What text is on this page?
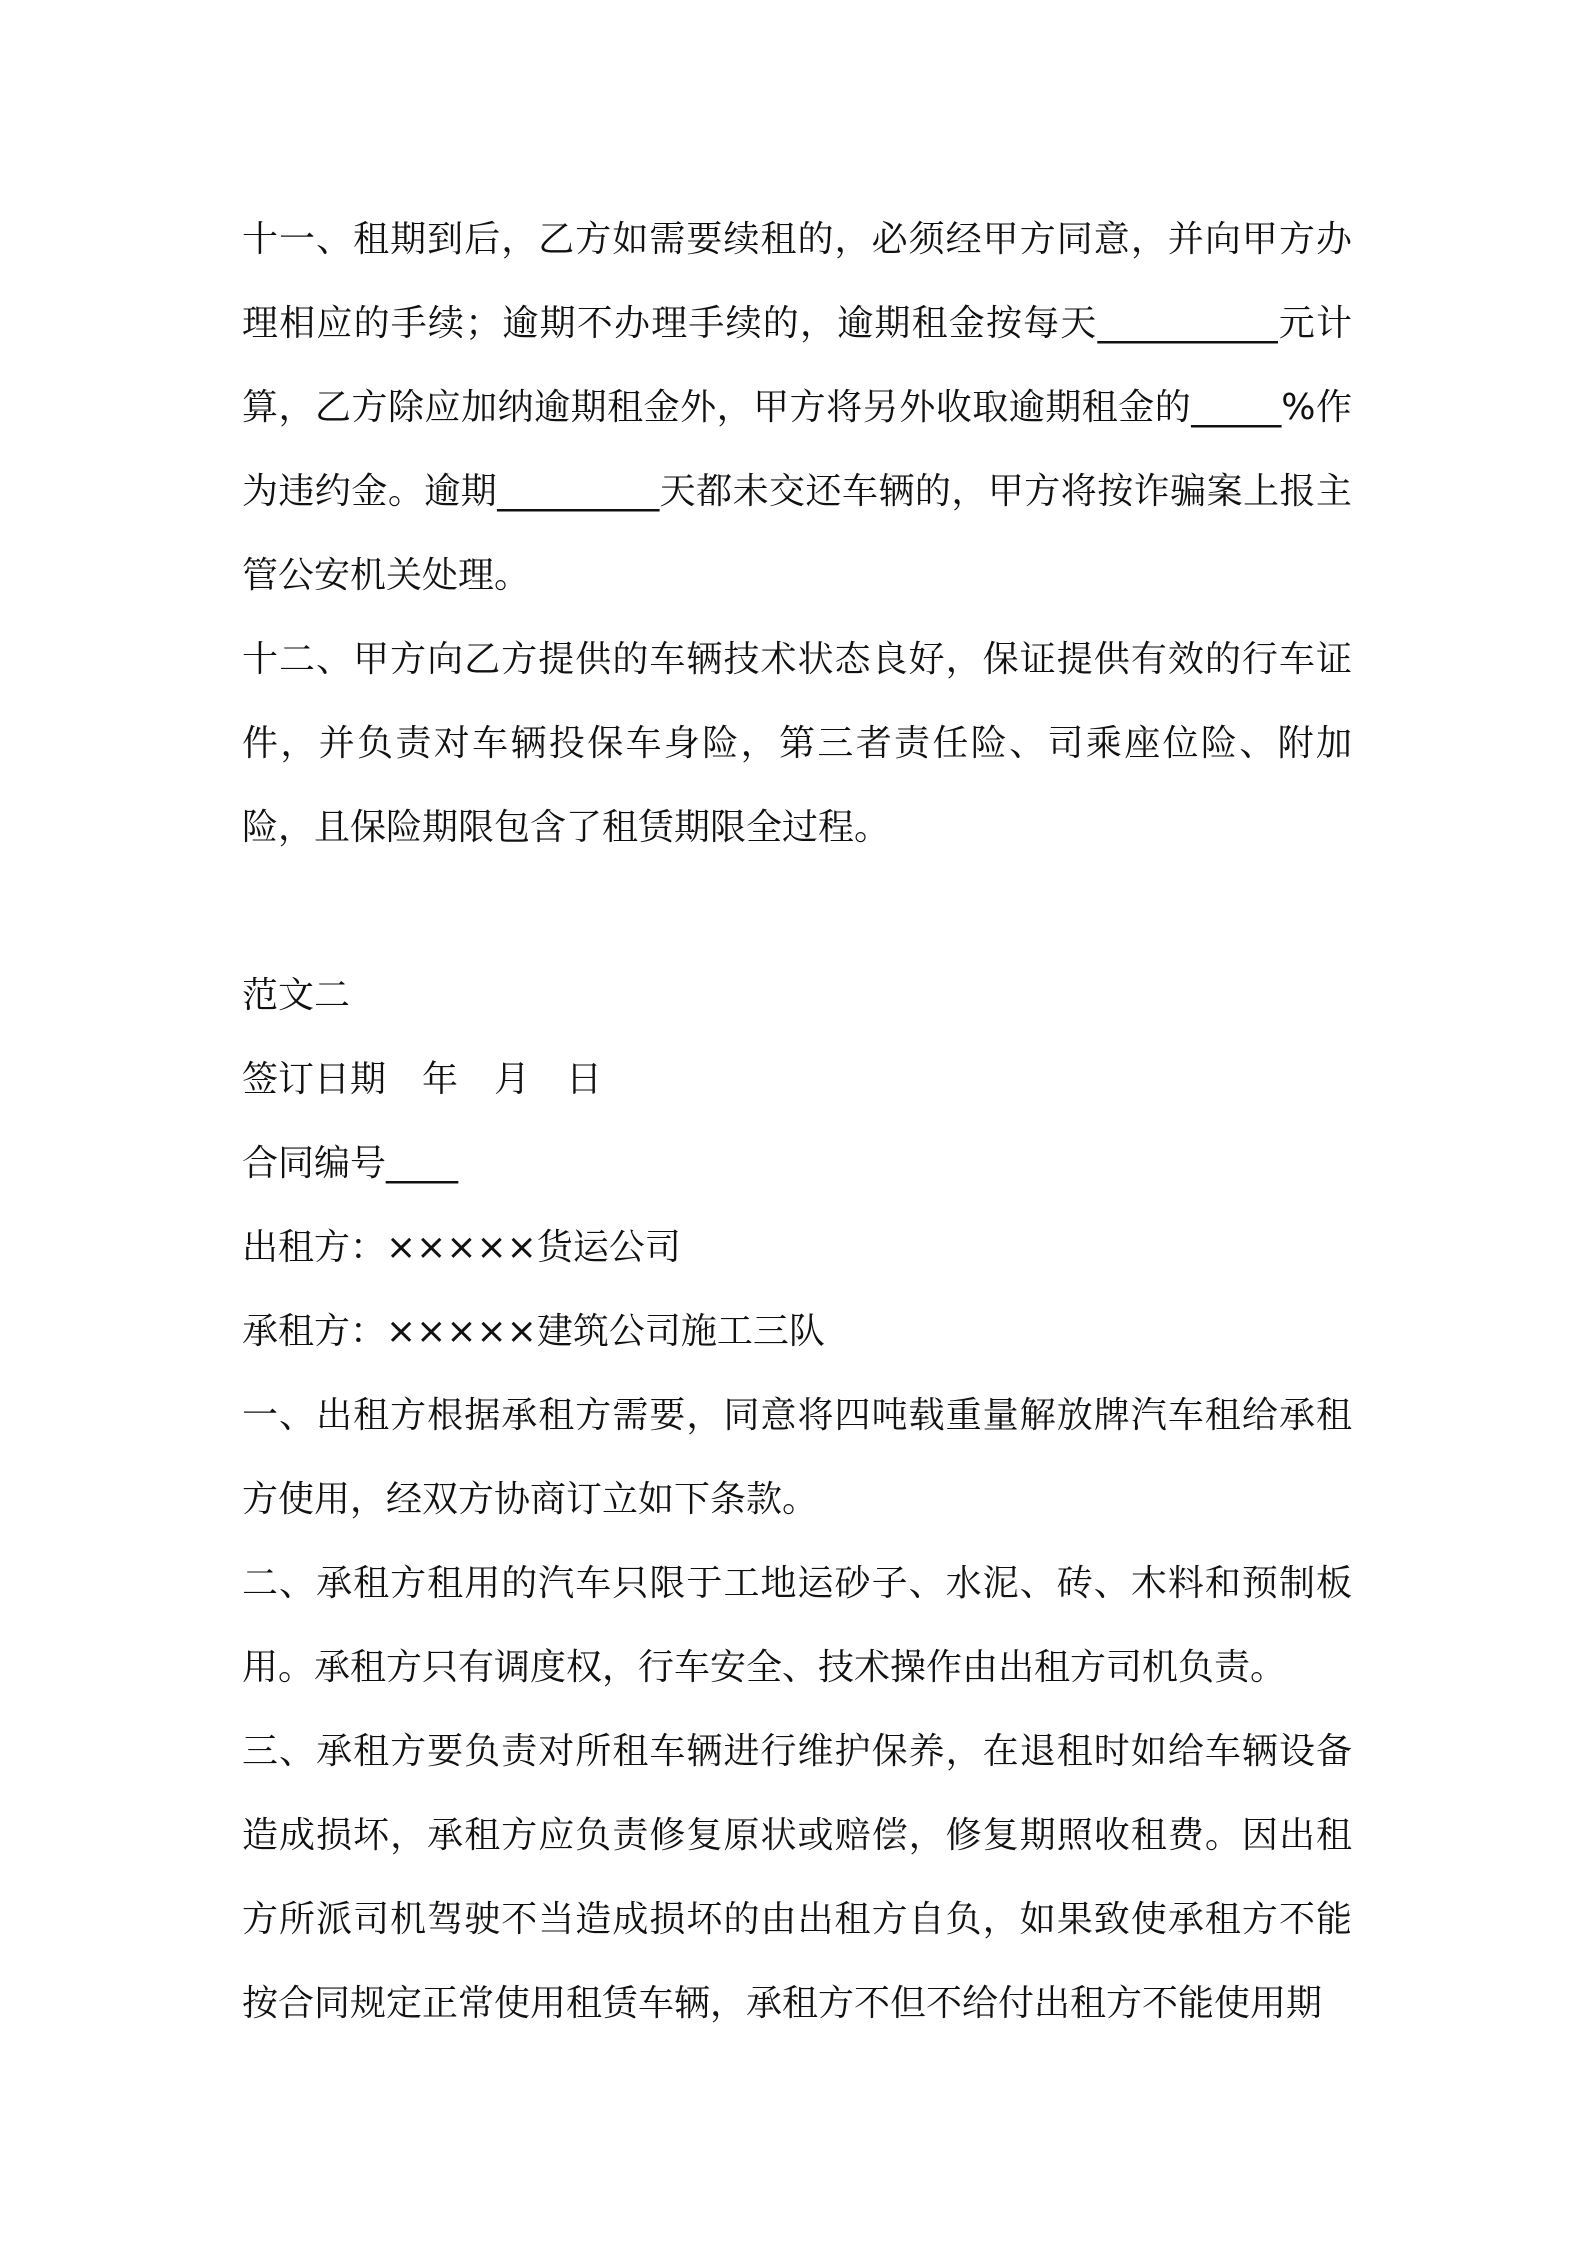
十一、租期到后，乙方如需要续租的，必须经甲方同意，并向甲方办理相应的手续；逾期不办理手续的，逾期租金按每天__________元计算，乙方除应加纳逾期租金外，甲方将另外收取逾期租金的_____%作为违约金。逾期_________天都未交还车辆的，甲方将按诈骗案上报主管公安机关处理。

十二、甲方向乙方提供的车辆技术状态良好，保证提供有效的行车证件，并负责对车辆投保车身险，第三者责任险、司乘座位险、附加险，且保险期限包含了租赁期限全过程。

范文二

签订日期　年　月　日

合同编号____

出租方：×××××货运公司

承租方：×××××建筑公司施工三队

一、出租方根据承租方需要，同意将四吨载重量解放牌汽车租给承租方使用，经双方协商订立如下条款。

二、承租方租用的汽车只限于工地运砂子、水泥、砖、木料和预制板用。承租方只有调度权，行车安全、技术操作由出租方司机负责。

三、承租方要负责对所租车辆进行维护保养，在退租时如给车辆设备造成损坏，承租方应负责修复原状或赔偿，修复期照收租费。因出租方所派司机驾驶不当造成损坏的由出租方自负，如果致使承租方不能按合同规定正常使用租赁车辆，承租方不但不给付出租方不能使用期
